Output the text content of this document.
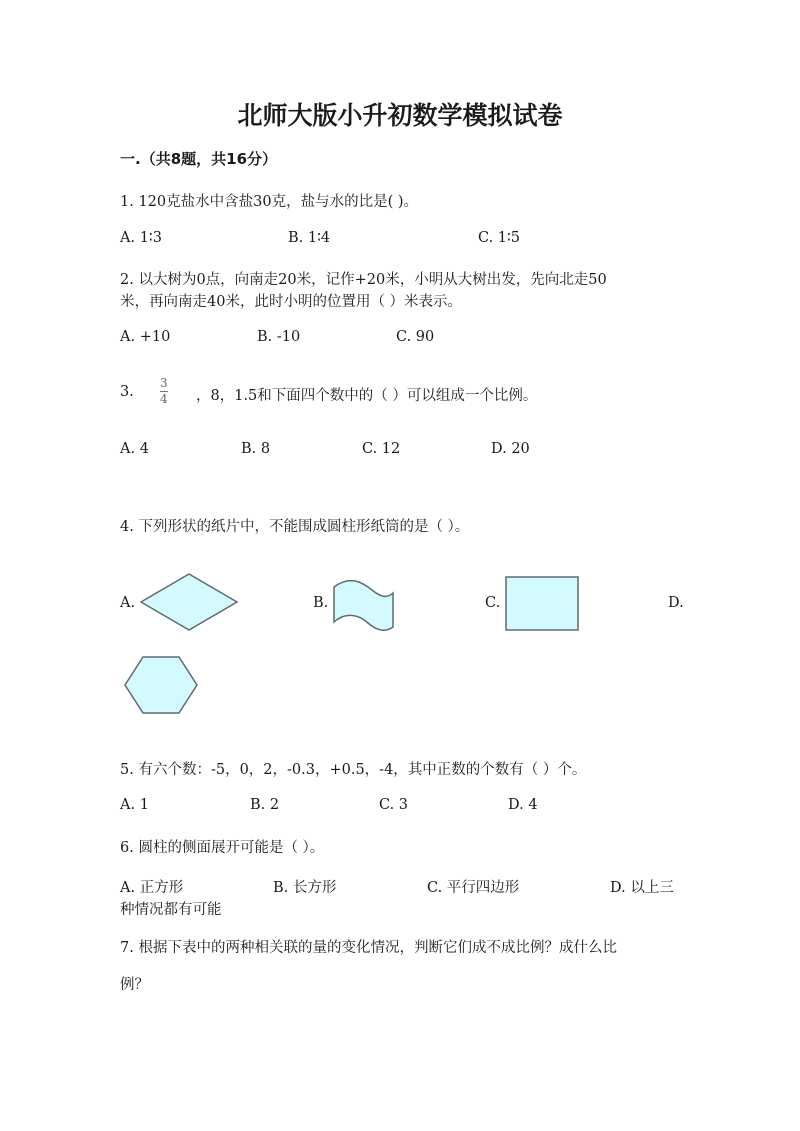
北师大版小升初数学模拟试卷
一.（共8题，共16分）
1. 120克盐水中含盐30克，盐与水的比是( )。
A. 1∶3	B. 1∶4	C. 1∶5
2. 以大树为0点，向南走20米，记作+20米，小明从大树出发，先向北走50
米，再向南走40米，此时小明的位置用（ ）米表示。
A. +10	B. -10	C. 90
3. $\frac{3}{4}$ ，8，1.5和下面四个数中的（ ）可以组成一个比例。
A. 4	B. 8	C. 12	D. 20
4. 下列形状的纸片中，不能围成圆柱形纸筒的是（ ）。
A.	B.	C.	D.
5. 有六个数：-5，0，2，-0.3，+0.5，-4，其中正数的个数有（ ）个。
A. 1	B. 2	C. 3	D. 4
6. 圆柱的侧面展开可能是（ ）。
A. 正方形	B. 长方形	C. 平行四边形	D. 以上三
种情况都有可能
7. 根据下表中的两种相关联的量的变化情况，判断它们成不成比例？成什么比
例？
